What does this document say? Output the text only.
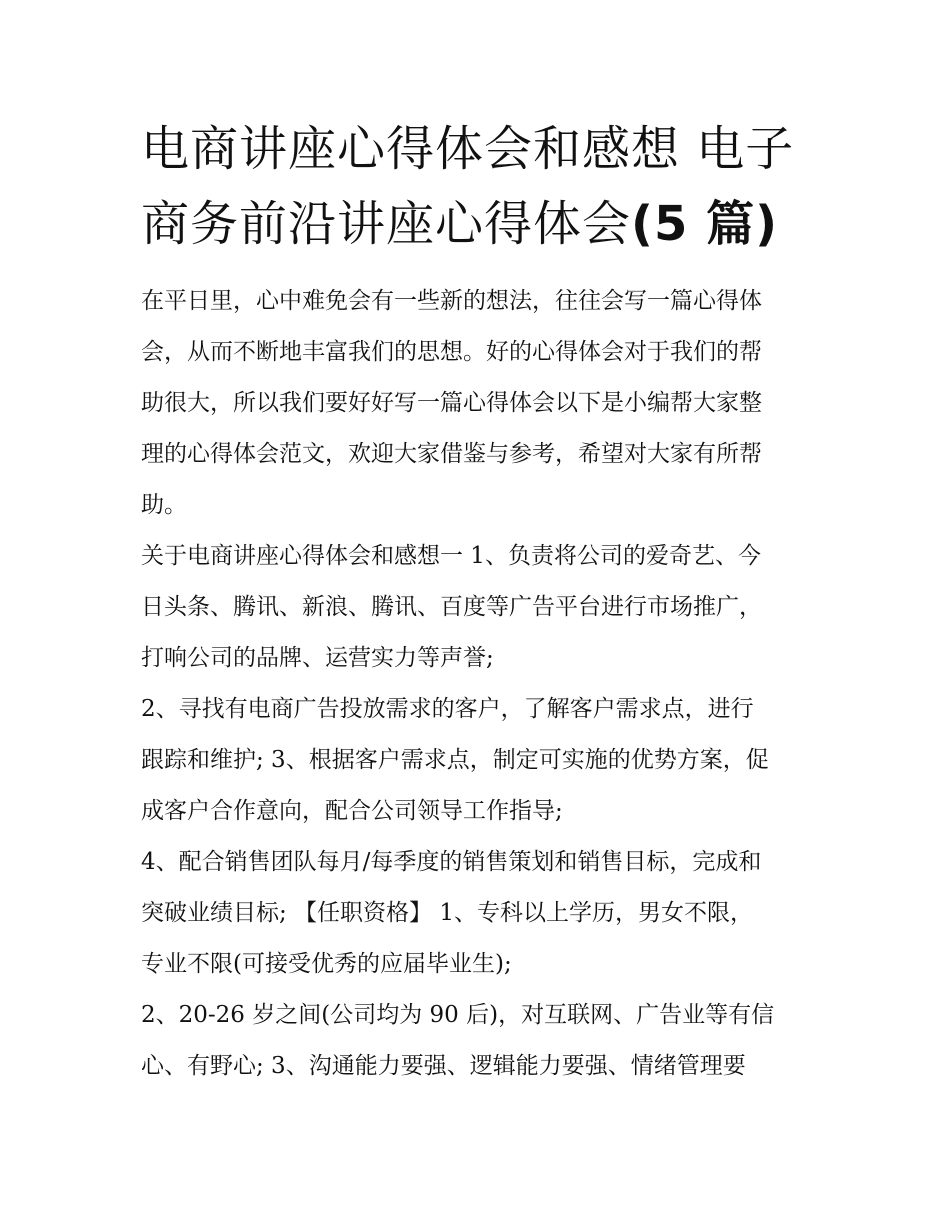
电商讲座心得体会和感想 电子
商务前沿讲座心得体会(5 篇)

在平日里，心中难免会有一些新的想法，往往会写一篇心得体
会，从而不断地丰富我们的思想。好的心得体会对于我们的帮
助很大，所以我们要好好写一篇心得体会以下是小编帮大家整
理的心得体会范文，欢迎大家借鉴与参考，希望对大家有所帮
助。

关于电商讲座心得体会和感想一 1、负责将公司的爱奇艺、今
日头条、腾讯、新浪、腾讯、百度等广告平台进行市场推广，
打响公司的品牌、运营实力等声誉;

2、寻找有电商广告投放需求的客户，了解客户需求点，进行
跟踪和维护; 3、根据客户需求点，制定可实施的优势方案，促
成客户合作意向，配合公司领导工作指导;

4、配合销售团队每月/每季度的销售策划和销售目标，完成和
突破业绩目标; 【任职资格】 1、专科以上学历，男女不限，
专业不限(可接受优秀的应届毕业生);

2、20-26 岁之间(公司均为 90 后)，对互联网、广告业等有信
心、有野心; 3、沟通能力要强、逻辑能力要强、情绪管理要
